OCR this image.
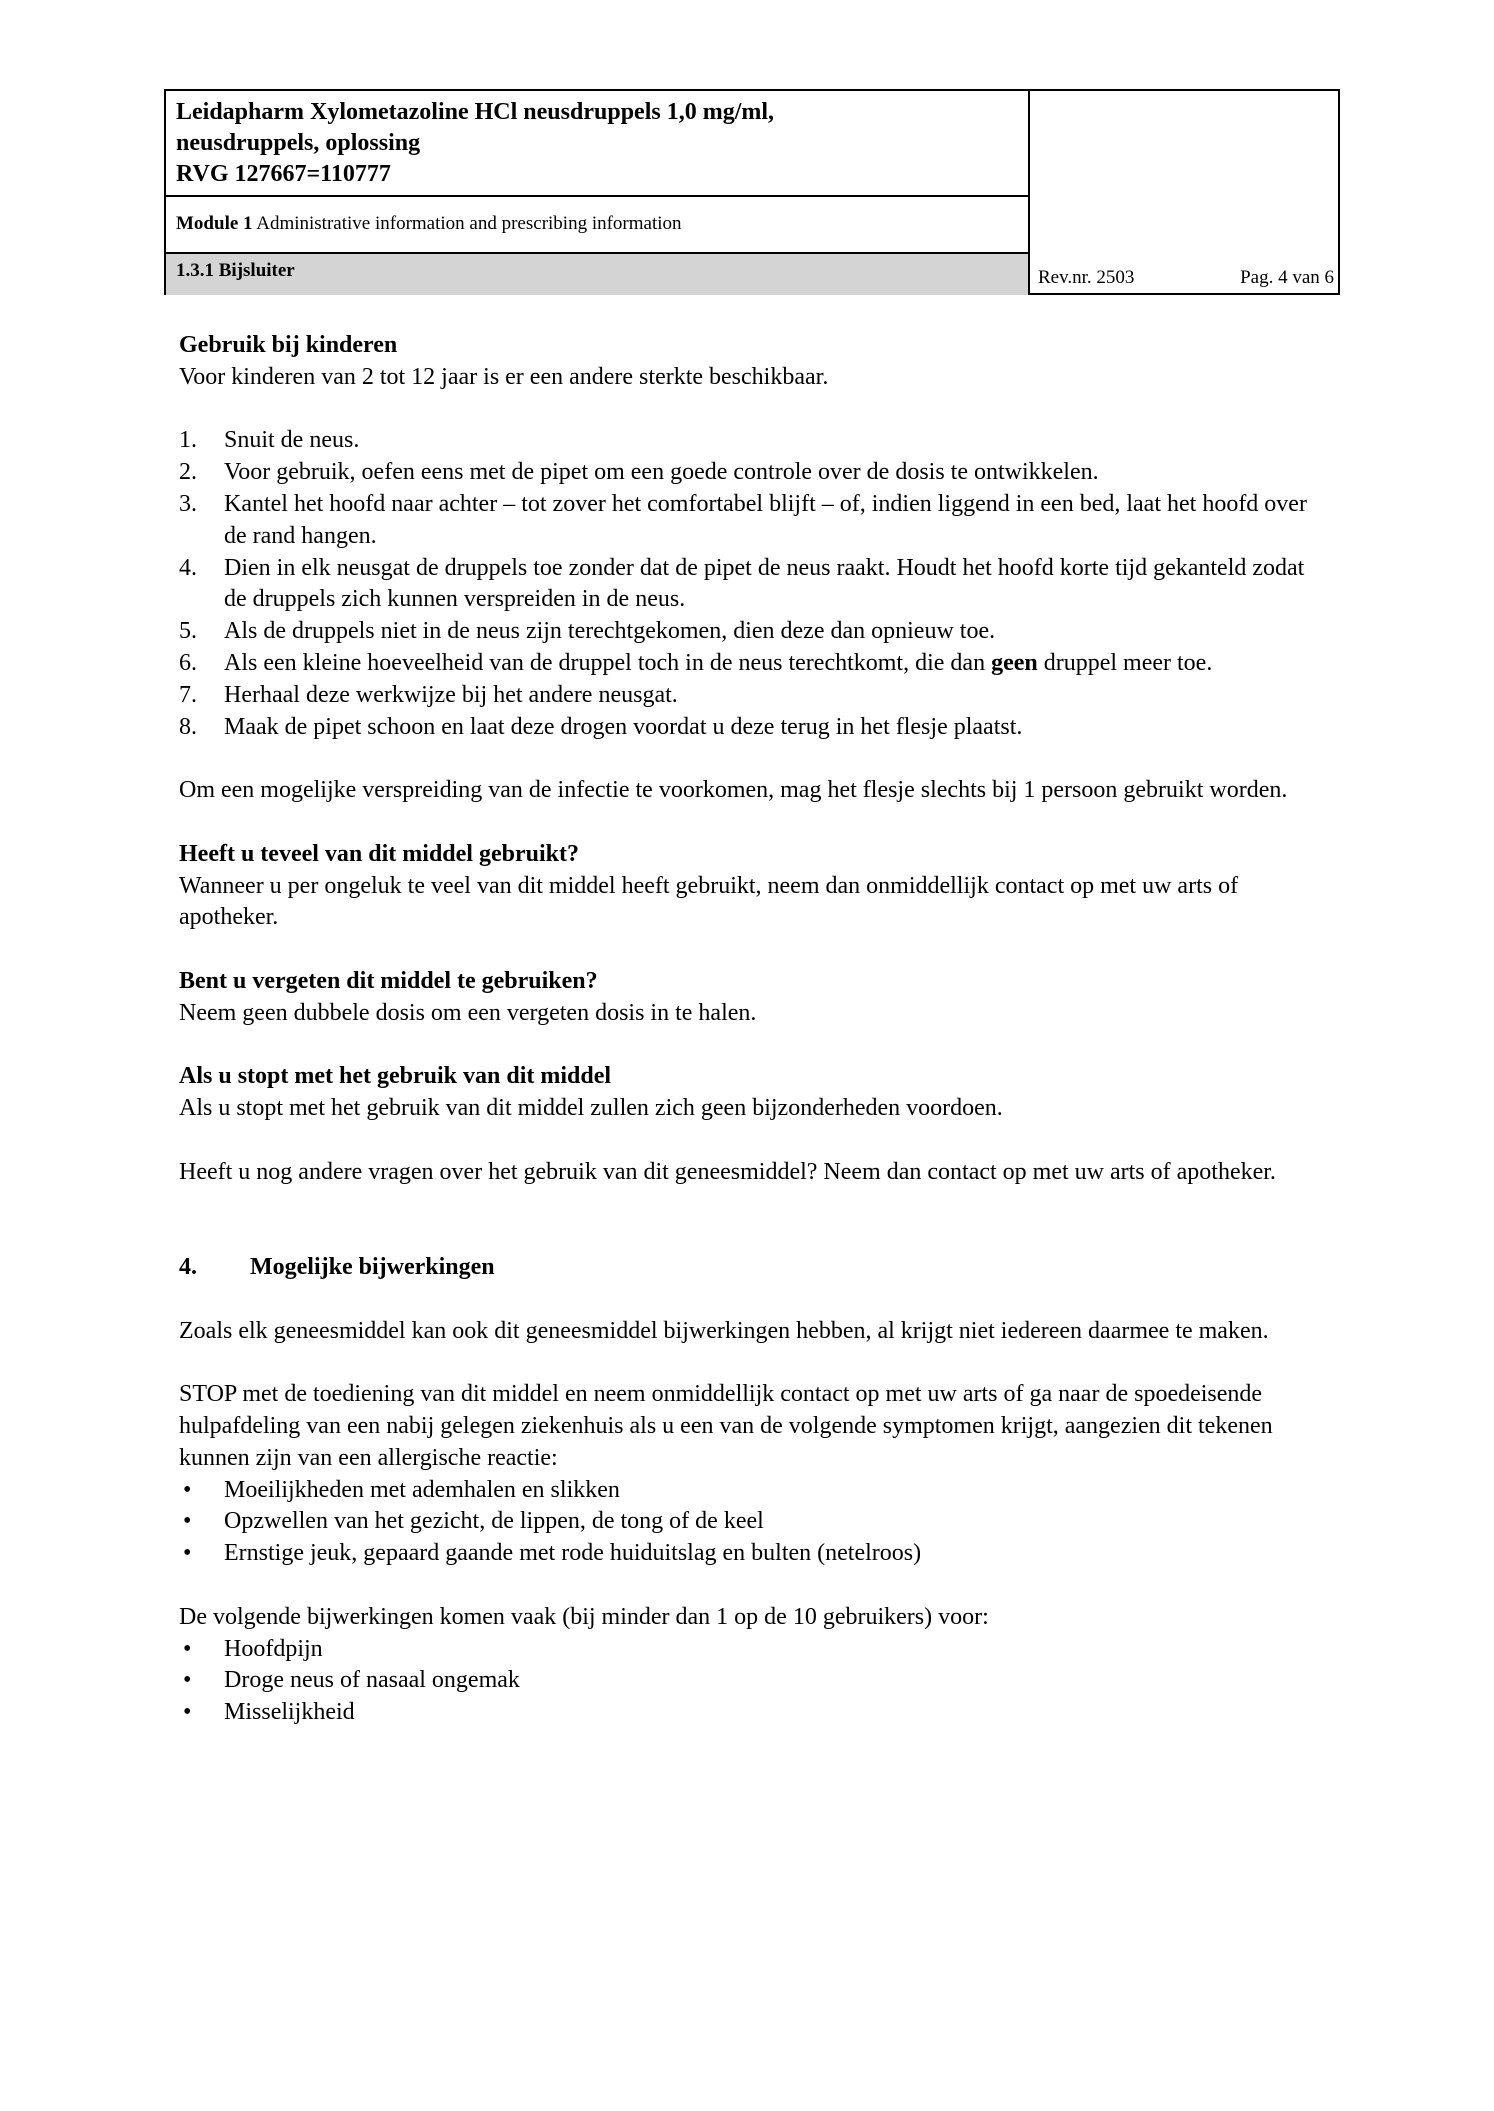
Leidapharm Xylometazoline HCl neusdruppels 1,0 mg/ml,
neusdruppels, oplossing
RVG 127667=110777
Module 1 Administrative information and prescribing information
1.3.1 Bijsluiter	Rev.nr. 2503	Pag. 4 van 6

Gebruik bij kinderen

Voor kinderen van 2 tot 12 jaar is er een andere sterkte beschikbaar.

1. Snuit de neus.
2. Voor gebruik, oefen eens met de pipet om een goede controle over de dosis te ontwikkelen.
3. Kantel het hoofd naar achter – tot zover het comfortabel blijft – of, indien liggend in een bed, laat het hoofd over de rand hangen.
4. Dien in elk neusgat de druppels toe zonder dat de pipet de neus raakt. Houdt het hoofd korte tijd gekanteld zodat de druppels zich kunnen verspreiden in de neus.
5. Als de druppels niet in de neus zijn terechtgekomen, dien deze dan opnieuw toe.
6. Als een kleine hoeveelheid van de druppel toch in de neus terechtkomt, die dan geen druppel meer toe.
7. Herhaal deze werkwijze bij het andere neusgat.
8. Maak de pipet schoon en laat deze drogen voordat u deze terug in het flesje plaatst.

Om een mogelijke verspreiding van de infectie te voorkomen, mag het flesje slechts bij 1 persoon gebruikt worden.

Heeft u teveel van dit middel gebruikt?

Wanneer u per ongeluk te veel van dit middel heeft gebruikt, neem dan onmiddellijk contact op met uw arts of apotheker.

Bent u vergeten dit middel te gebruiken?

Neem geen dubbele dosis om een vergeten dosis in te halen.

Als u stopt met het gebruik van dit middel

Als u stopt met het gebruik van dit middel zullen zich geen bijzonderheden voordoen.

Heeft u nog andere vragen over het gebruik van dit geneesmiddel? Neem dan contact op met uw arts of apotheker.

4. Mogelijke bijwerkingen

Zoals elk geneesmiddel kan ook dit geneesmiddel bijwerkingen hebben, al krijgt niet iedereen daarmee te maken.

STOP met de toediening van dit middel en neem onmiddellijk contact op met uw arts of ga naar de spoedeisende hulpafdeling van een nabij gelegen ziekenhuis als u een van de volgende symptomen krijgt, aangezien dit tekenen kunnen zijn van een allergische reactie:

• Moeilijkheden met ademhalen en slikken
• Opzwellen van het gezicht, de lippen, de tong of de keel
• Ernstige jeuk, gepaard gaande met rode huiduitslag en bulten (netelroos)

De volgende bijwerkingen komen vaak (bij minder dan 1 op de 10 gebruikers) voor:

• Hoofdpijn
• Droge neus of nasaal ongemak
• Misselijkheid
